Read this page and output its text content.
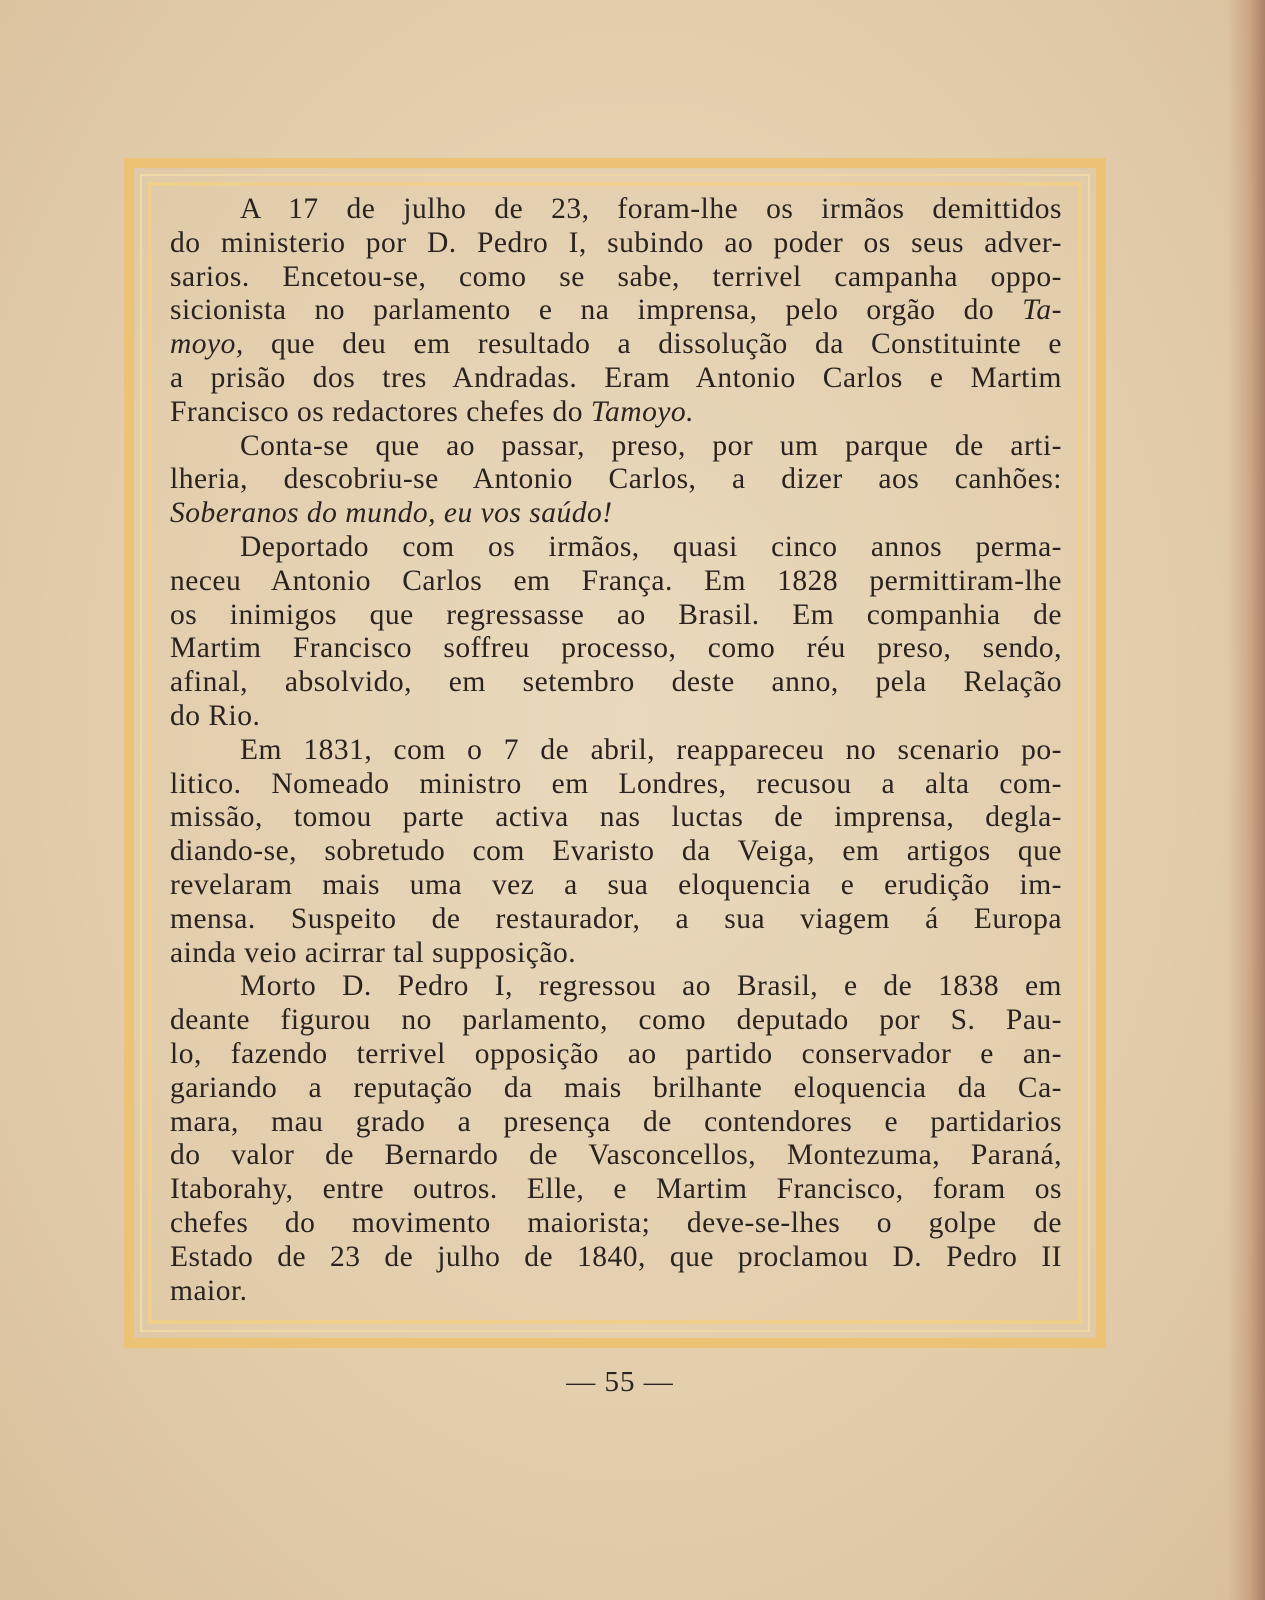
A 17 de julho de 23, foram-lhe os irmãos demittidos
do ministerio por D. Pedro I, subindo ao poder os seus adver-
sarios. Encetou-se, como se sabe, terrivel campanha oppo-
sicionista no parlamento e na imprensa, pelo orgão do Ta-
moyo, que deu em resultado a dissolução da Constituinte e
a prisão dos tres Andradas. Eram Antonio Carlos e Martim
Francisco os redactores chefes do Tamoyo.
Conta-se que ao passar, preso, por um parque de arti-
lheria, descobriu-se Antonio Carlos, a dizer aos canhões:
Soberanos do mundo, eu vos saúdo!
Deportado com os irmãos, quasi cinco annos perma-
neceu Antonio Carlos em França. Em 1828 permittiram-lhe
os inimigos que regressasse ao Brasil. Em companhia de
Martim Francisco soffreu processo, como réu preso, sendo,
afinal, absolvido, em setembro deste anno, pela Relação
do Rio.
Em 1831, com o 7 de abril, reappareceu no scenario po-
litico. Nomeado ministro em Londres, recusou a alta com-
missão, tomou parte activa nas luctas de imprensa, degla-
diando-se, sobretudo com Evaristo da Veiga, em artigos que
revelaram mais uma vez a sua eloquencia e erudição im-
mensa. Suspeito de restaurador, a sua viagem á Europa
ainda veio acirrar tal supposição.
Morto D. Pedro I, regressou ao Brasil, e de 1838 em
deante figurou no parlamento, como deputado por S. Pau-
lo, fazendo terrivel opposição ao partido conservador e an-
gariando a reputação da mais brilhante eloquencia da Ca-
mara, mau grado a presença de contendores e partidarios
do valor de Bernardo de Vasconcellos, Montezuma, Paraná,
Itaborahy, entre outros. Elle, e Martim Francisco, foram os
chefes do movimento maiorista; deve-se-lhes o golpe de
Estado de 23 de julho de 1840, que proclamou D. Pedro II
maior.
— 55 —
